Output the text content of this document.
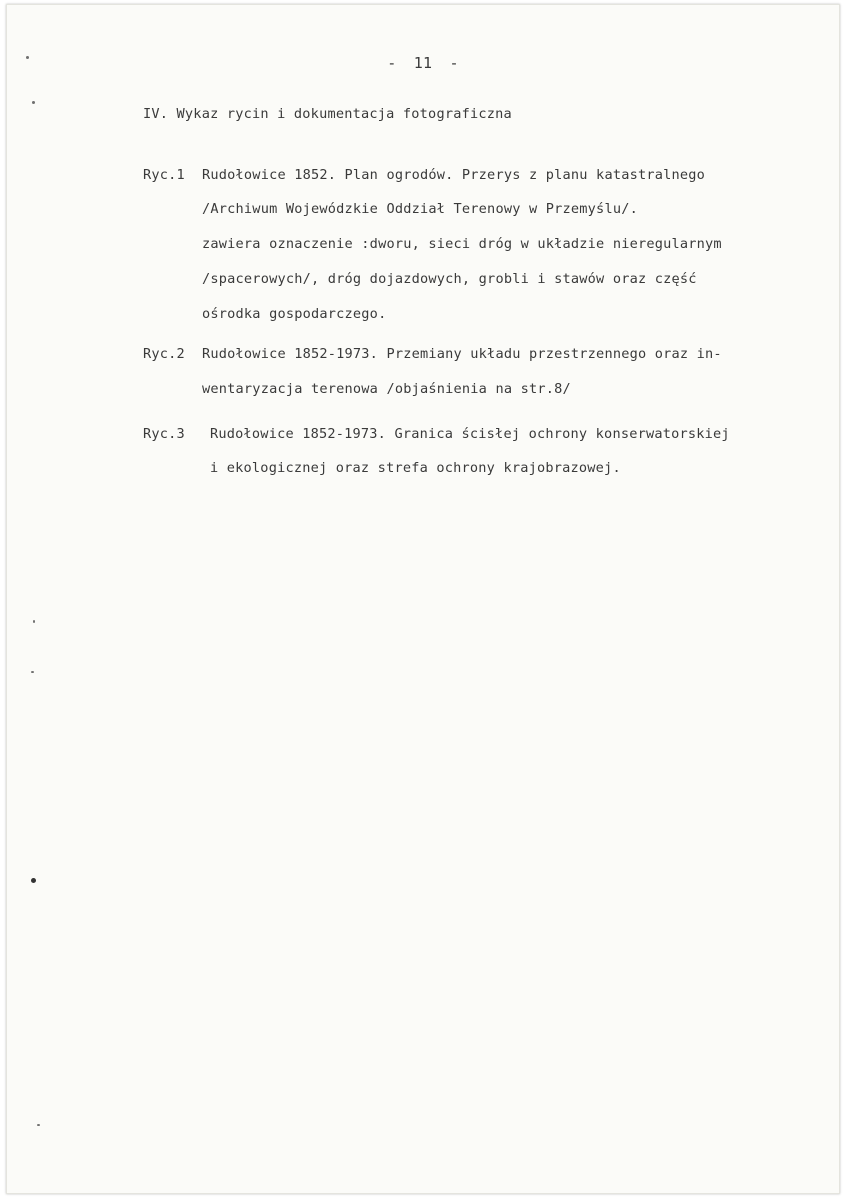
- 11 -
IV. Wykaz rycin i dokumentacja fotograficzna
Ryc.1 Rudołowice 1852. Plan ogrodów. Przerys z planu katastralnego
/Archiwum Wojewódzkie Oddział Terenowy w Przemyślu/.
zawiera oznaczenie :dworu, sieci dróg w układzie nieregularnym
/spacerowych/, dróg dojazdowych, grobli i stawów oraz część
ośrodka gospodarczego.
Ryc.2 Rudołowice 1852-1973. Przemiany układu przestrzennego oraz in-
wentaryzacja terenowa /objaśnienia na str.8/
Ryc.3 Rudołowice 1852-1973. Granica ścisłej ochrony konserwatorskiej
i ekologicznej oraz strefa ochrony krajobrazowej.
